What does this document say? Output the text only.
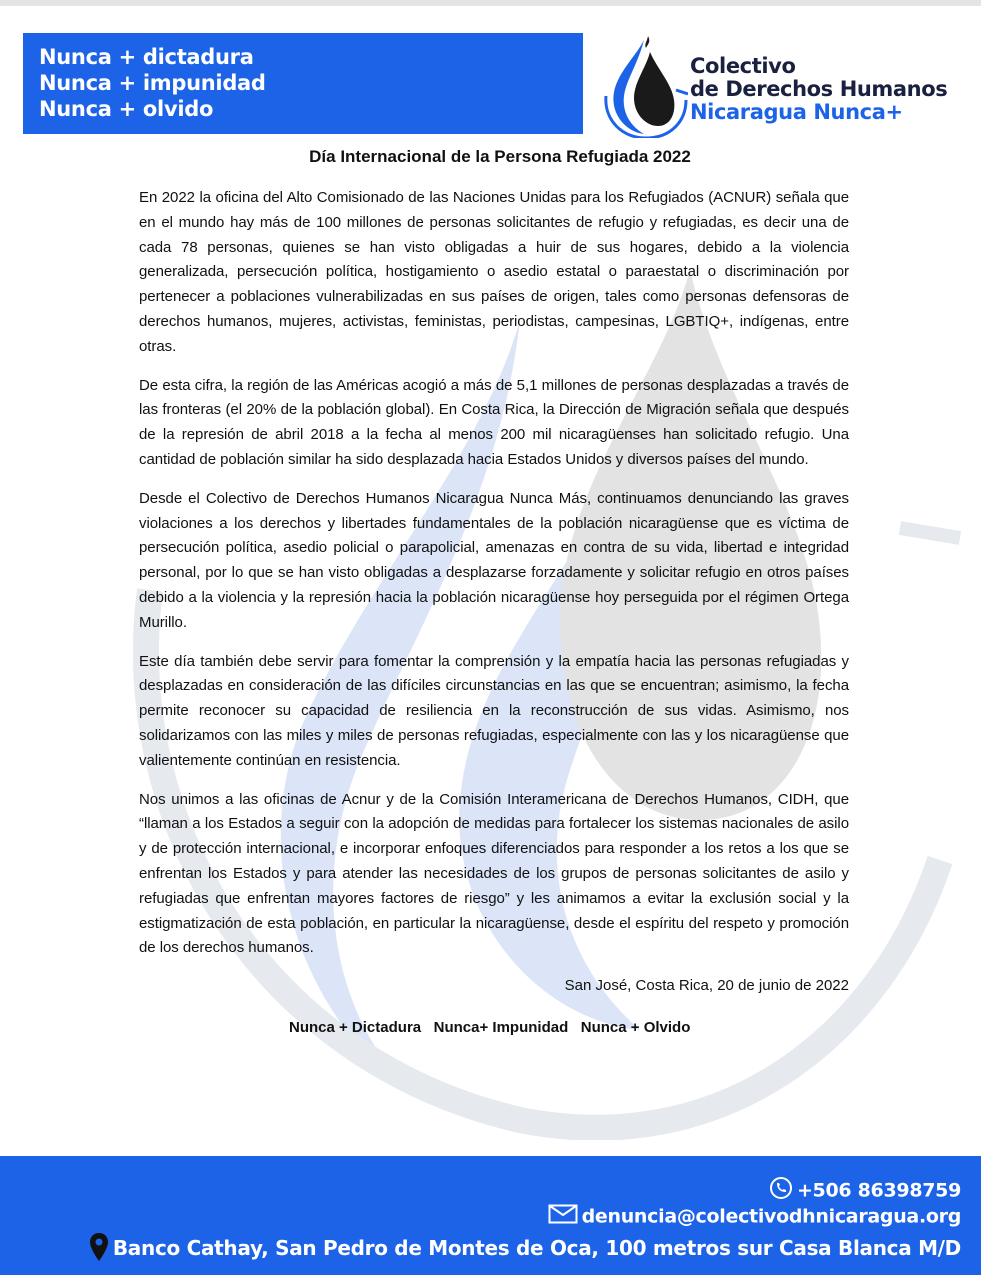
Nunca + dictadura
Nunca + impunidad
Nunca + olvido
Colectivo
de Derechos Humanos
Nicaragua Nunca+
Día Internacional de la Persona Refugiada 2022

En 2022 la oficina del Alto Comisionado de las Naciones Unidas para los Refugiados (ACNUR) señala que en el mundo hay más de 100 millones de personas solicitantes de refugio y refugiadas, es decir una de cada 78 personas, quienes se han visto obligadas a huir de sus hogares, debido a la violencia generalizada, persecución política, hostigamiento o asedio estatal o paraestatal o discriminación por pertenecer a poblaciones vulnerabilizadas en sus países de origen, tales como personas defensoras de derechos humanos, mujeres, activistas, feministas, periodistas, campesinas, LGBTIQ+, indígenas, entre otras.

De esta cifra, la región de las Américas acogió a más de 5,1 millones de personas desplazadas a través de las fronteras (el 20% de la población global). En Costa Rica, la Dirección de Migración señala que después de la represión de abril 2018 a la fecha al menos 200 mil nicaragüenses han solicitado refugio. Una cantidad de población similar ha sido desplazada hacia Estados Unidos y diversos países del mundo.

Desde el Colectivo de Derechos Humanos Nicaragua Nunca Más, continuamos denunciando las graves violaciones a los derechos y libertades fundamentales de la población nicaragüense que es víctima de persecución política, asedio policial o parapolicial, amenazas en contra de su vida, libertad e integridad personal, por lo que se han visto obligadas a desplazarse forzadamente y solicitar refugio en otros países debido a la violencia y la represión hacia la población nicaragüense hoy perseguida por el régimen Ortega Murillo.

Este día también debe servir para fomentar la comprensión y la empatía hacia las personas refugiadas y desplazadas en consideración de las difíciles circunstancias en las que se encuentran; asimismo, la fecha permite reconocer su capacidad de resiliencia en la reconstrucción de sus vidas. Asimismo, nos solidarizamos con las miles y miles de personas refugiadas, especialmente con las y los nicaragüense que valientemente continúan en resistencia.

Nos unimos a las oficinas de Acnur y de la Comisión Interamericana de Derechos Humanos, CIDH, que “llaman a los Estados a seguir con la adopción de medidas para fortalecer los sistemas nacionales de asilo y de protección internacional, e incorporar enfoques diferenciados para responder a los retos a los que se enfrentan los Estados y para atender las necesidades de los grupos de personas solicitantes de asilo y refugiadas que enfrentan mayores factores de riesgo” y les animamos a evitar la exclusión social y la estigmatización de esta población, en particular la nicaragüense, desde el espíritu del respeto y promoción de los derechos humanos.

San José, Costa Rica, 20 de junio de 2022
Nunca + Dictadura Nunca+ Impunidad Nunca + Olvido
+506 86398759
denuncia@colectivodhnicaragua.org
Banco Cathay, San Pedro de Montes de Oca, 100 metros sur Casa Blanca M/D
